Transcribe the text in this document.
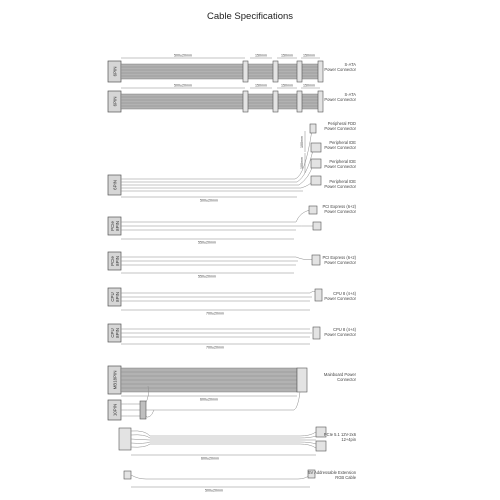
Cable Specifications
6PIN
500±20mm	150mm	150mm	150mm
6PIN
500±20mm	150mm	150mm	150mm
6PIN
500±20mm
100mm
100mm
PCIe 8PIN
550±20mm
PCIe 8PIN
550±20mm
CPU 8PIN
700±20mm
CPU 8PIN
700±20mm
MB18PIN
600±20mm
10PIN
600±20mm
500±20mm
S-ATA
Power Connector
S-ATA
Power Connector
Peripheral FDD
Power Connector
Peripheral IDE
Power Connector
Peripheral IDE
Power Connector
Peripheral IDE
Power Connector
PCI Express (6+2)
Power Connector
PCI Express (6+2)
Power Connector
CPU 8 (4+4)
Power Connector
CPU 8 (4+4)
Power Connector
Mainboard Power
Connector
PCIe 5.1 12V-2x6
12+4pin
5V Addressable Extension
RGB Cable
